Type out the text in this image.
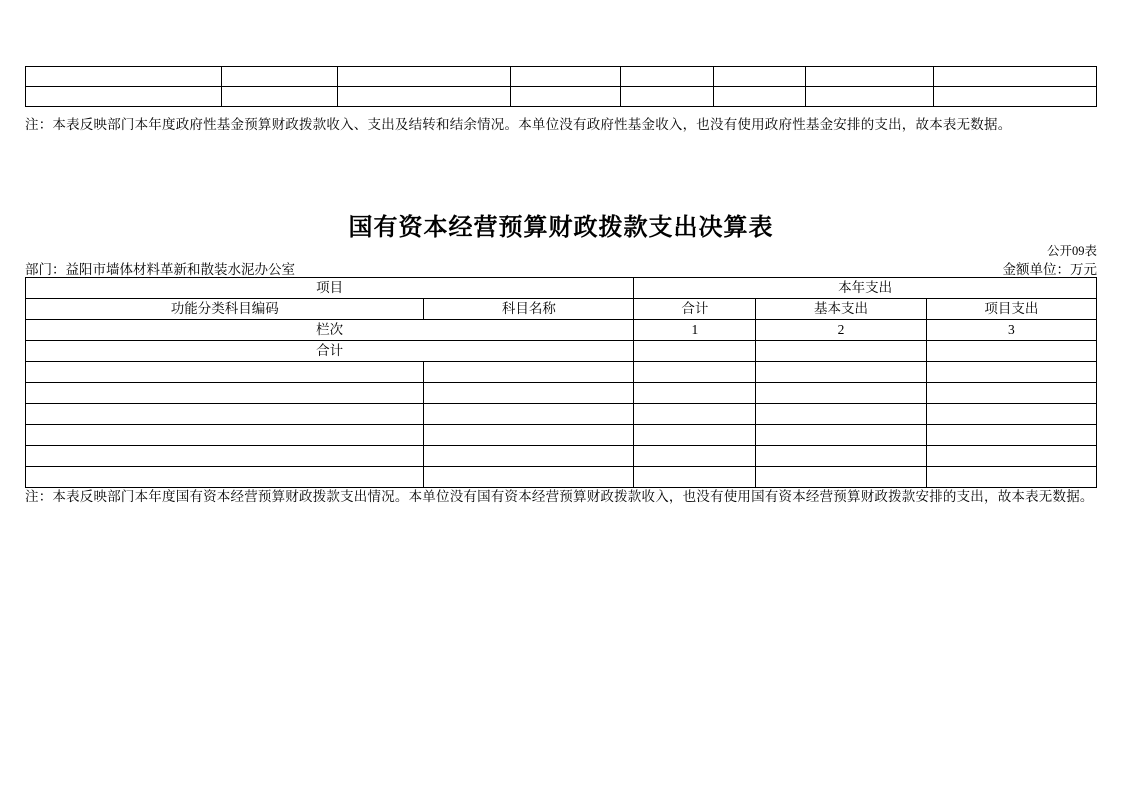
注：本表反映部门本年度政府性基金预算财政拨款收入、支出及结转和结余情况。本单位没有政府性基金收入，也没有使用政府性基金安排的支出，故本表无数据。
国有资本经营预算财政拨款支出决算表
公开09表
部门：益阳市墙体材料革新和散装水泥办公室	金额单位：万元
项目		本年支出		
功能分类科目编码	科目名称	合计	基本支出	项目支出
栏次		1	2	3
合计				

注：本表反映部门本年度国有资本经营预算财政拨款支出情况。本单位没有国有资本经营预算财政拨款收入，也没有使用国有资本经营预算财政拨款安排的支出，故本表无数据。
